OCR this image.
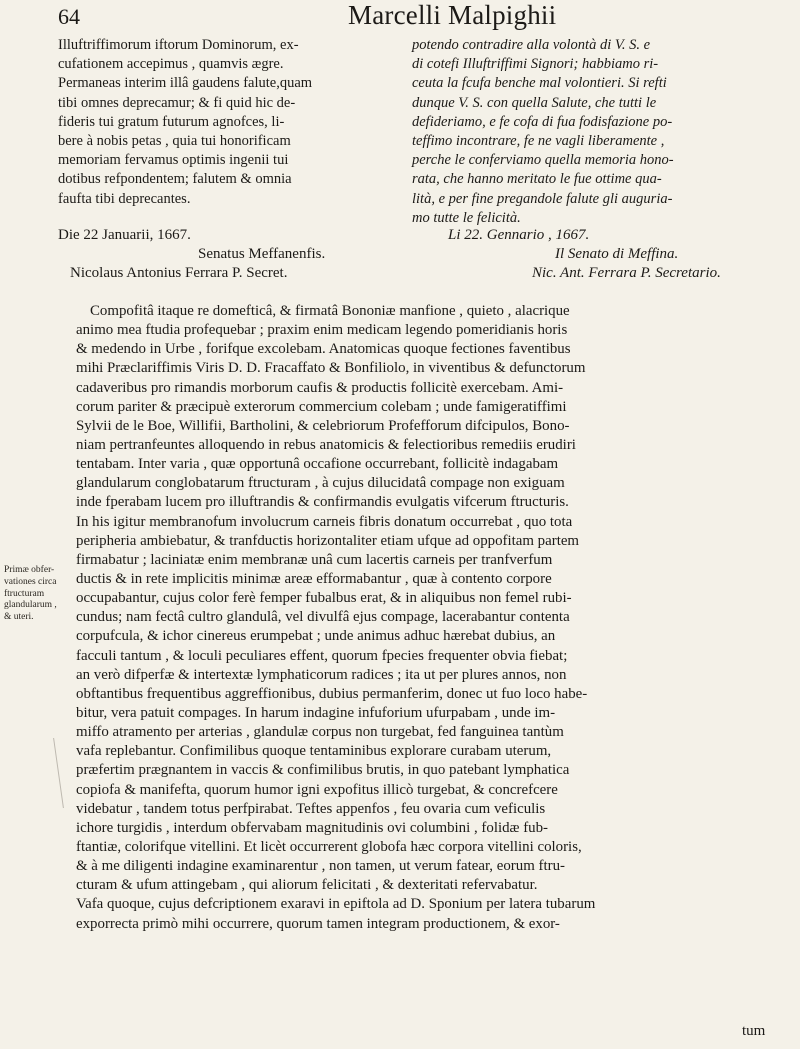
64	Marcelli Malpighii
Illuftriffimorum iftorum Dominorum, ex-
cufationem accepimus , quamvis ægre.
Permaneas interim illâ gaudens falute,quam
tibi omnes deprecamur; & fi quid hic de-
fideris tui gratum futurum agnofces, li-
bere à nobis petas , quia tui honorificam
memoriam fervamus optimis ingenii tui
dotibus refpondentem; falutem & omnia
faufta tibi deprecantes.
potendo contradire alla volontà di V. S. e
di cotefi Illuftriffimi Signori; habbiamo ri-
ceuta la fcufa benche mal volontieri. Si refti
dunque V. S. con quella Salute, che tutti le
defideriamo, e fe cofa di fua fodisfazione po-
teffimo incontrare, fe ne vagli liberamente ,
perche le conferviamo quella memoria hono-
rata, che hanno meritato le fue ottime qua-
lità, e per fine pregandole falute gli auguria-
mo tutte le felicità.
Die 22 Januarii, 1667.
Senatus Meffanenfis.
Nicolaus Antonius Ferrara P. Secret.
Li 22. Gennario , 1667.
Il Senato di Meffina.
Nic. Ant. Ferrara P. Secretario.
Compofitâ itaque re domefticâ, & firmatâ Bononiæ manfione , quieto , alacrique
animo mea ftudia profequebar ; praxim enim medicam legendo pomeridianis horis
& medendo in Urbe , forifque excolebam. Anatomicas quoque fectiones faventibus
mihi Præclariffimis Viris D. D. Fracaffato & Bonfiliolo, in viventibus & defunctorum
cadaveribus pro rimandis morborum caufis & productis follicitè exercebam. Ami-
corum pariter & præcipuè exterorum commercium colebam ; unde famigeratiffimi
Sylvii de le Boe, Willifii, Bartholini, & celebriorum Profefforum difcipulos, Bono-
niam pertranfeuntes alloquendo in rebus anatomicis & felectioribus remediis erudiri
tentabam. Inter varia , quæ opportunâ occafione occurrebant, follicitè indagabam
glandularum conglobatarum ftructuram , à cujus dilucidatâ compage non exiguam
inde fperabam lucem pro illuftrandis & confirmandis evulgatis vifcerum ftructuris.
In his igitur membranofum involucrum carneis fibris donatum occurrebat , quo tota
peripheria ambiebatur, & tranfductis horizontaliter etiam ufque ad oppofitam partem
firmabatur ; laciniatæ enim membranæ unâ cum lacertis carneis per tranfverfum
ductis & in rete implicitis minimæ areæ efformabantur , quæ à contento corpore
occupabantur, cujus color ferè femper fubalbus erat, & in aliquibus non femel rubi-
cundus; nam fectâ cultro glandulâ, vel divulfâ ejus compage, lacerabantur contenta
corpufcula, & ichor cinereus erumpebat ; unde animus adhuc hærebat dubius, an
facculi tantum , & loculi peculiares effent, quorum fpecies frequenter obvia fiebat;
an verò difperfæ & intertextæ lymphaticorum radices ; ita ut per plures annos, non
obftantibus frequentibus aggreffionibus, dubius permanferim, donec ut fuo loco habe-
bitur, vera patuit compages. In harum indagine infuforium ufurpabam , unde im-
miffo atramento per arterias , glandulæ corpus non turgebat, fed fanguinea tantùm
vafa replebantur. Confimilibus quoque tentaminibus explorare curabam uterum,
præfertim prægnantem in vaccis & confimilibus brutis, in quo patebant lymphatica
copiofa & manifefta, quorum humor igni expofitus illicò turgebat, & concrefcere
videbatur , tandem totus perfpirabat. Teftes appenfos , feu ovaria cum veficulis
ichore turgidis , interdum obfervabam magnitudinis ovi columbini , folidæ fub-
ftantiæ, colorifque vitellini. Et licèt occurrerent globofa hæc corpora vitellini coloris,
& à me diligenti indagine examinarentur , non tamen, ut verum fatear, eorum ftru-
cturam & ufum attingebam , qui aliorum felicitati , & dexteritati refervabatur.
Vafa quoque, cujus defcriptionem exaravi in epiftola ad D. Sponium per latera tubarum
exporrecta primò mihi occurrere, quorum tamen integram productionem, & exor-
Primæ obfer-
vationes circa
ftructuram
glandularum ,
& uteri.
tum
